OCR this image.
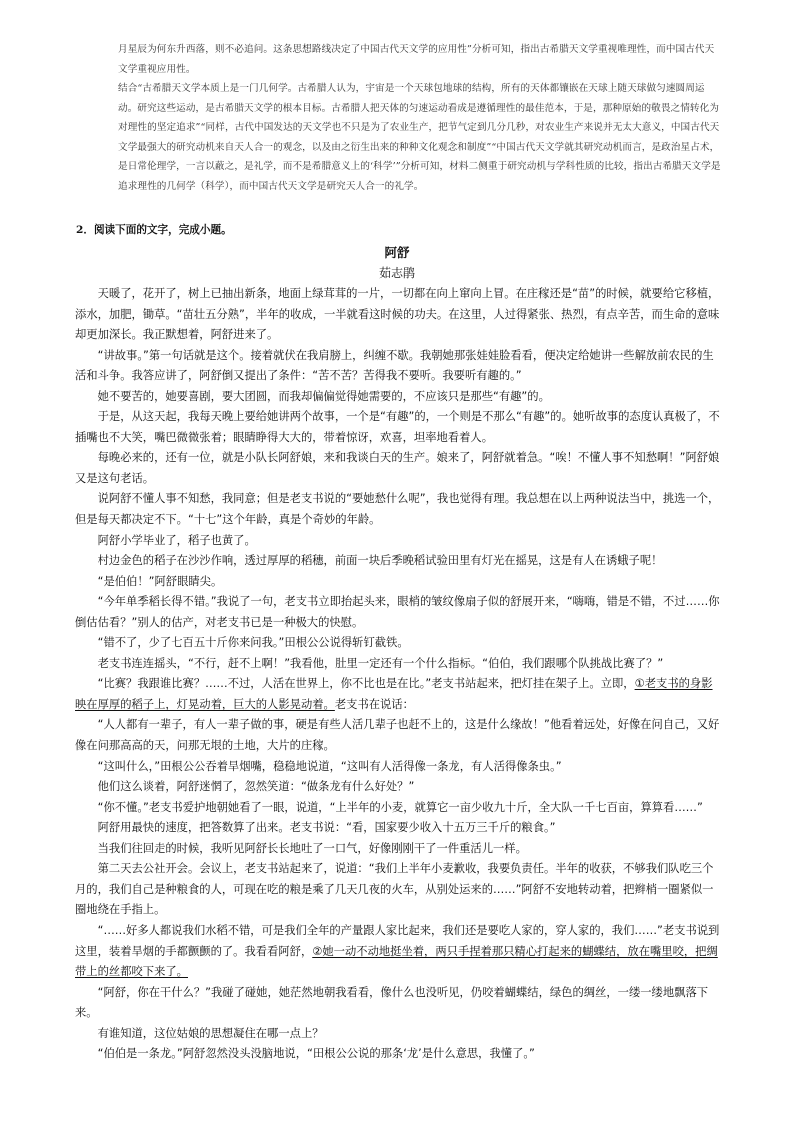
月星辰为何东升西落，则不必追问。这条思想路线决定了中国古代天文学的应用性”分析可知，指出古希腊天文学重视唯理性，而中国古代天文学重视应用性。

结合“古希腊天文学本质上是一门几何学。古希腊人认为，宇宙是一个天球包地球的结构，所有的天体都镶嵌在天球上随天球做匀速圆周运动。研究这些运动，是古希腊天文学的根本目标。古希腊人把天体的匀速运动看成是遵循理性的最佳范本，于是，那种原始的敬畏之情转化为对理性的坚定追求”“同样，古代中国发达的天文学也不只是为了农业生产，把节气定到几分几秒，对农业生产来说并无太大意义，中国古代天文学最强大的研究动机来自天人合一的观念，以及由之衍生出来的种种文化观念和制度”“中国古代天文学就其研究动机而言，是政治星占术，是日常伦理学，一言以蔽之，是礼学，而不是希腊意义上的‘科学’”分析可知，材料二侧重于研究动机与学科性质的比较，指出古希腊天文学是追求理性的几何学（科学），而中国古代天文学是研究天人合一的礼学。

2．阅读下面的文字，完成小题。
阿舒
茹志鹃

天暖了，花开了，树上已抽出新条，地面上绿茸茸的一片，一切都在向上窜向上冒。在庄稼还是“苗”的时候，就要给它移植，添水，加肥，锄草。“苗壮五分熟”，半年的收成，一半就看这时候的功夫。在这里，人过得紧张、热烈，有点辛苦，而生命的意味却更加深长。我正默想着，阿舒进来了。

“讲故事。”第一句话就是这个。接着就伏在我肩膀上，纠缠不歇。我朝她那张娃娃脸看看，便决定给她讲一些解放前农民的生活和斗争。我答应讲了，阿舒倒又提出了条件：“苦不苦？苦得我不要听。我要听有趣的。”

她不要苦的，她要喜剧，要大团圆，而我却偏偏觉得她需要的，不应该只是那些“有趣”的。

于是，从这天起，我每天晚上要给她讲两个故事，一个是“有趣”的，一个则是不那么“有趣”的。她听故事的态度认真极了，不插嘴也不大笑，嘴巴微微张着；眼睛睁得大大的，带着惊讶，欢喜，坦率地看着人。

每晚必来的，还有一位，就是小队长阿舒娘，来和我谈白天的生产。娘来了，阿舒就着急。“唉！不懂人事不知愁啊！”阿舒娘又是这句老话。

说阿舒不懂人事不知愁，我同意；但是老支书说的“要她愁什么呢”，我也觉得有理。我总想在以上两种说法当中，挑选一个，但是每天都决定不下。“十七”这个年龄，真是个奇妙的年龄。

阿舒小学毕业了，稻子也黄了。

村边金色的稻子在沙沙作响，透过厚厚的稻穗，前面一块后季晚稻试验田里有灯光在摇晃，这是有人在诱蛾子呢！

“是伯伯！”阿舒眼睛尖。

“今年单季稻长得不错。”我说了一句，老支书立即抬起头来，眼梢的皱纹像扇子似的舒展开来，“嗨嗨，错是不错，不过……你倒估估看？”别人的估产，对老支书已是一种极大的快慰。

“错不了，少了七百五十斤你来问我。”田根公公说得斩钉截铁。

老支书连连摇头，“不行，赶不上啊！”我看他，肚里一定还有一个什么指标。“伯伯，我们跟哪个队挑战比赛了？”

“比赛？我跟谁比赛？……不过，人活在世界上，你不比也是在比。”老支书站起来，把灯挂在架子上。立即，①老支书的身影映在厚厚的稻子上，灯晃动着，巨大的人影晃动着。老支书在说话：

“人人都有一辈子，有人一辈子做的事，硬是有些人活几辈子也赶不上的，这是什么缘故！”他看着远处，好像在问自己，又好像在问那高高的天，问那无垠的土地，大片的庄稼。

“这叫什么，”田根公公吞着旱烟嘴，稳稳地说道，“这叫有人活得像一条龙，有人活得像条虫。”

他们这么谈着，阿舒迷惘了，忽然笑道：“做条龙有什么好处？”

“你不懂。”老支书爱护地朝她看了一眼，说道，“上半年的小麦，就算它一亩少收九十斤，全大队一千七百亩，算算看……”

阿舒用最快的速度，把答数算了出来。老支书说：“看，国家要少收入十五万三千斤的粮食。”

当我们往回走的时候，我听见阿舒长长地吐了一口气，好像刚刚干了一件重活儿一样。

第二天去公社开会。会议上，老支书站起来了，说道：“我们上半年小麦歉收，我要负责任。半年的收获，不够我们队吃三个月的，我们自己是种粮食的人，可现在吃的粮是乘了几天几夜的火车，从别处运来的……”阿舒不安地转动着，把辫梢一圈紧似一圈地绕在手指上。

“……好多人都说我们水稻不错，可是我们全年的产量跟人家比起来，我们还是要吃人家的，穿人家的，我们……”老支书说到这里，装着旱烟的手都颤颤的了。我看看阿舒，②她一动不动地挺坐着，两只手捏着那只精心打起来的蝴蝶结，放在嘴里咬，把绸带上的丝都咬下来了。

“阿舒，你在干什么？”我碰了碰她，她茫然地朝我看看，像什么也没听见，仍咬着蝴蝶结，绿色的绸丝，一缕一缕地飘落下来。

有谁知道，这位姑娘的思想凝住在哪一点上？

“伯伯是一条龙。”阿舒忽然没头没脑地说，“田根公公说的那条‘龙’是什么意思，我懂了。”
